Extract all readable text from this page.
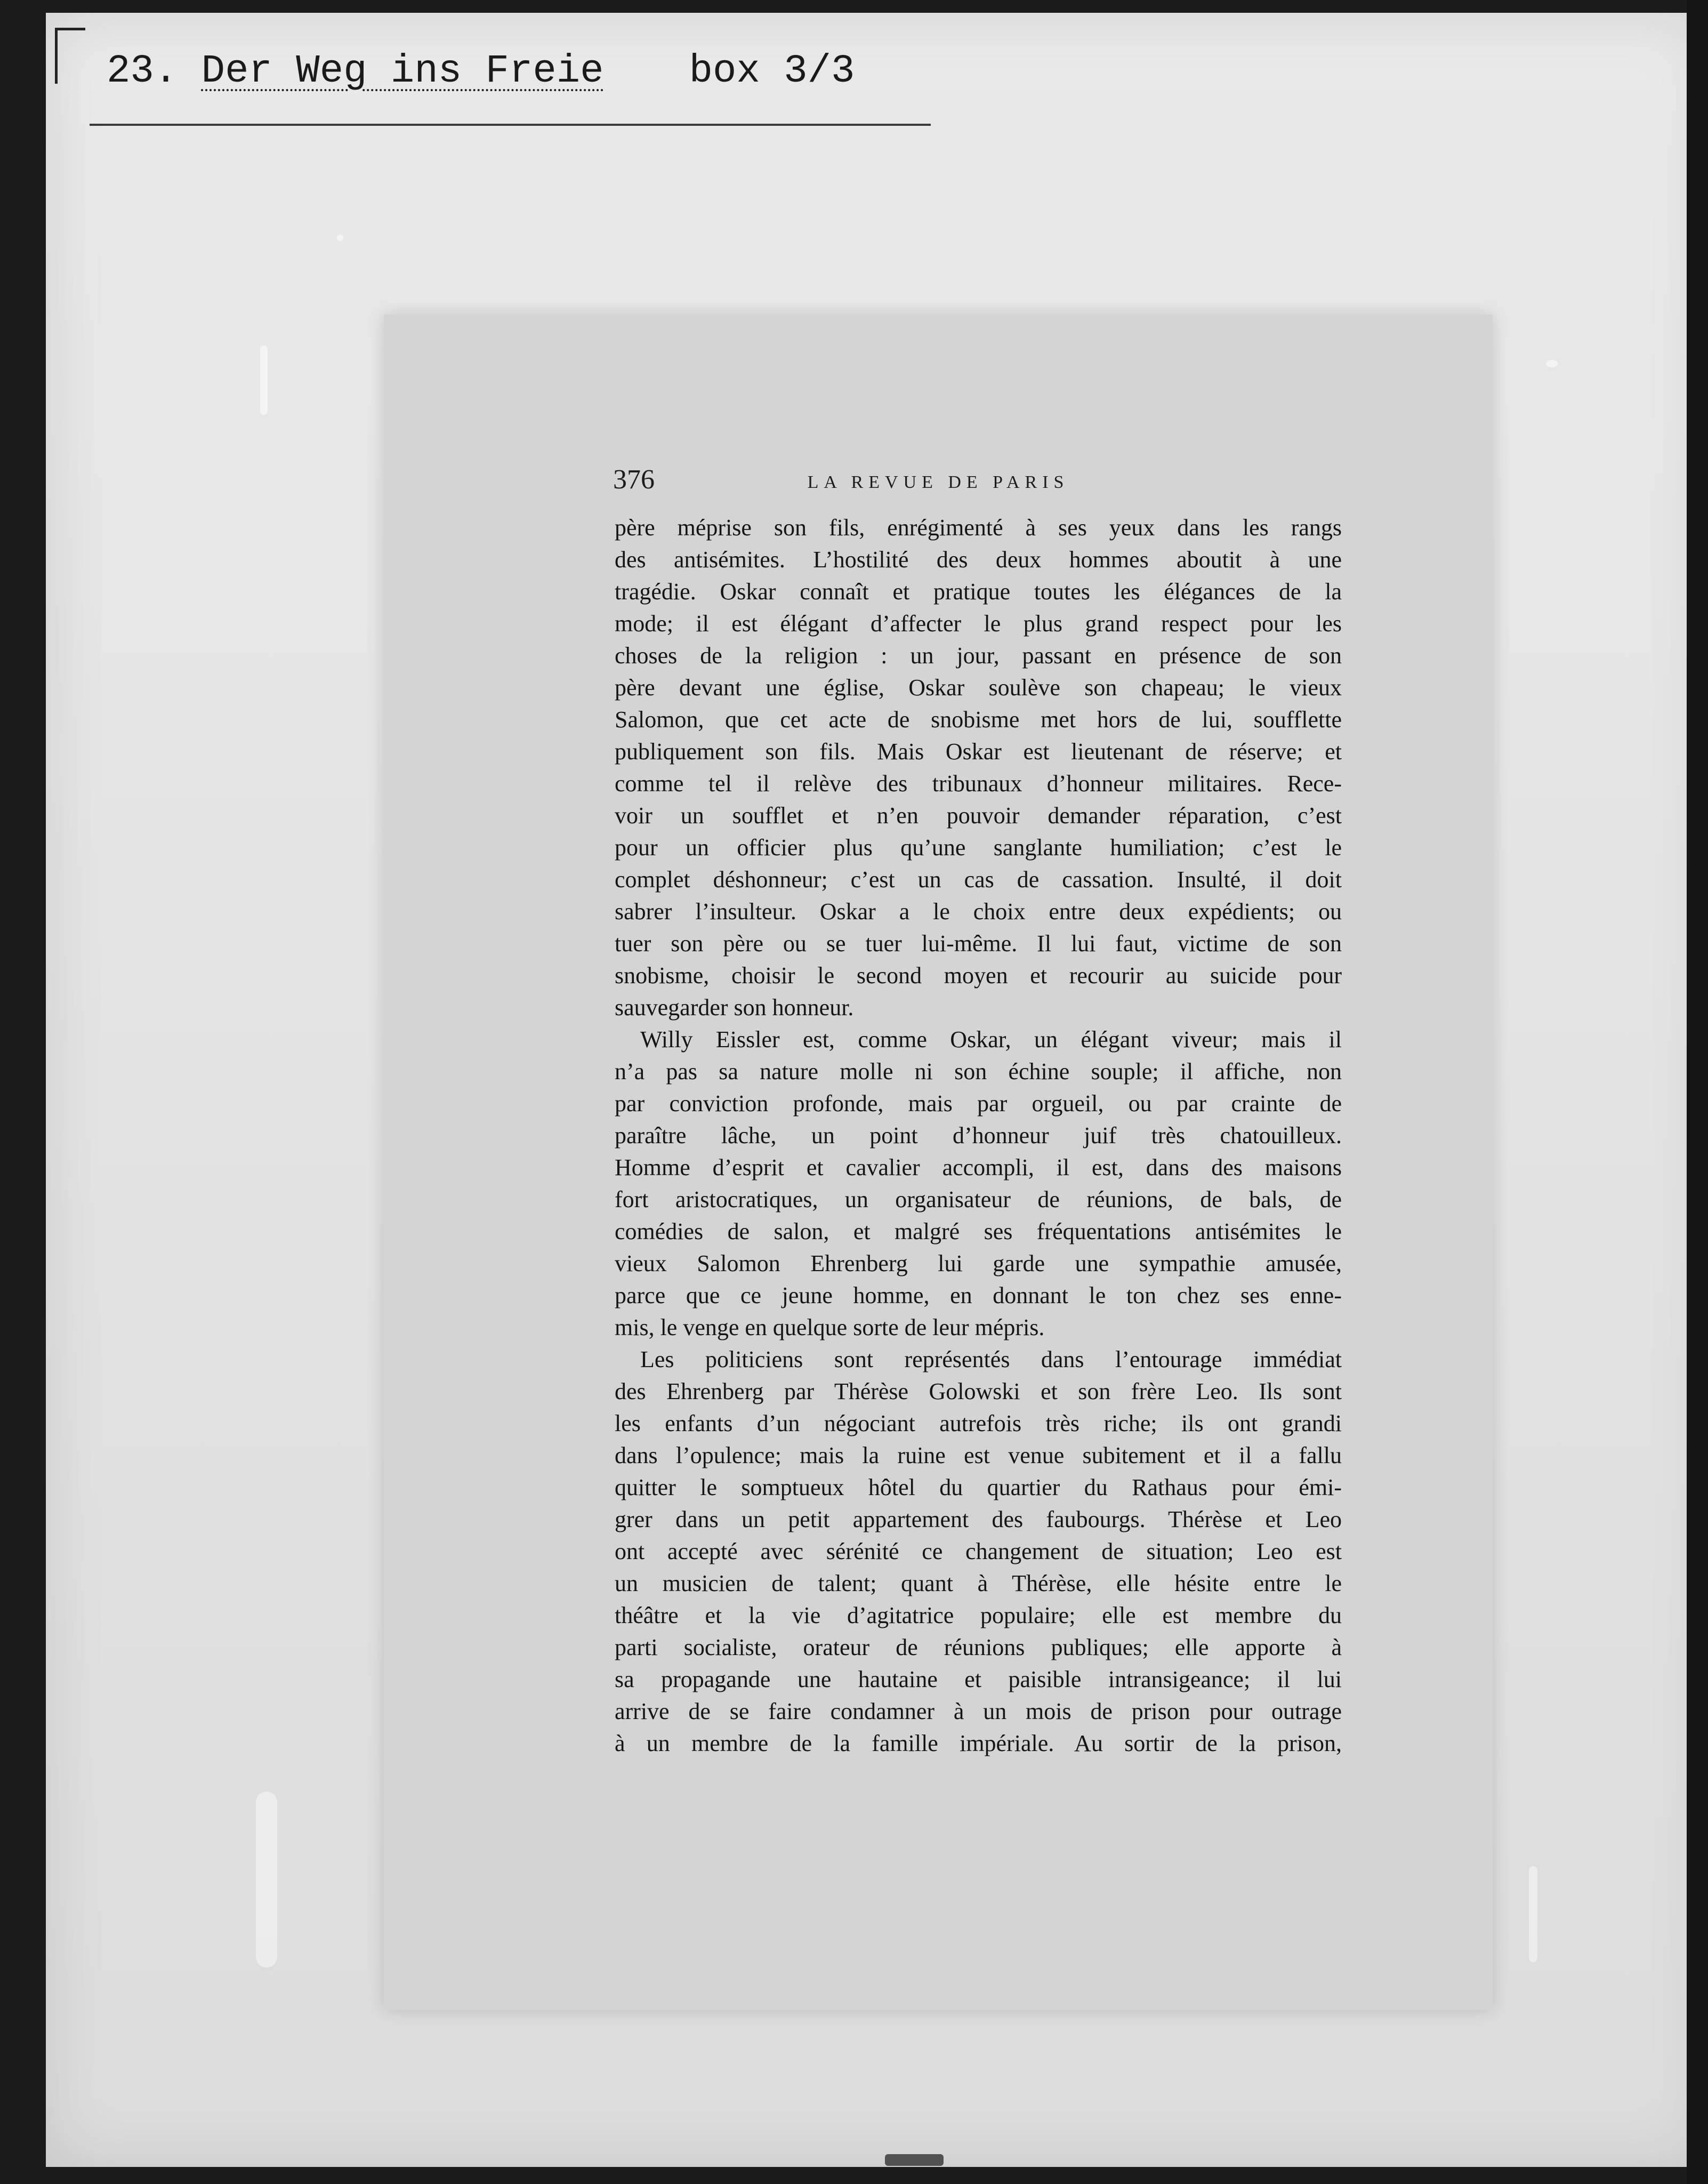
23. Der Weg ins Freie box 3/3
376	LA REVUE DE PARIS
père méprise son fils, enrégimenté à ses yeux dans les rangs
des antisémites. L’hostilité des deux hommes aboutit à une
tragédie. Oskar connaît et pratique toutes les élégances de la
mode; il est élégant d’affecter le plus grand respect pour les
choses de la religion : un jour, passant en présence de son
père devant une église, Oskar soulève son chapeau; le vieux
Salomon, que cet acte de snobisme met hors de lui, soufflette
publiquement son fils. Mais Oskar est lieutenant de réserve; et
comme tel il relève des tribunaux d’honneur militaires. Rece-
voir un soufflet et n’en pouvoir demander réparation, c’est
pour un officier plus qu’une sanglante humiliation; c’est le
complet déshonneur; c’est un cas de cassation. Insulté, il doit
sabrer l’insulteur. Oskar a le choix entre deux expédients; ou
tuer son père ou se tuer lui-même. Il lui faut, victime de son
snobisme, choisir le second moyen et recourir au suicide pour
sauvegarder son honneur.
Willy Eissler est, comme Oskar, un élégant viveur; mais il
n’a pas sa nature molle ni son échine souple; il affiche, non
par conviction profonde, mais par orgueil, ou par crainte de
paraître lâche, un point d’honneur juif très chatouilleux.
Homme d’esprit et cavalier accompli, il est, dans des maisons
fort aristocratiques, un organisateur de réunions, de bals, de
comédies de salon, et malgré ses fréquentations antisémites le
vieux Salomon Ehrenberg lui garde une sympathie amusée,
parce que ce jeune homme, en donnant le ton chez ses enne-
mis, le venge en quelque sorte de leur mépris.
Les politiciens sont représentés dans l’entourage immédiat
des Ehrenberg par Thérèse Golowski et son frère Leo. Ils sont
les enfants d’un négociant autrefois très riche; ils ont grandi
dans l’opulence; mais la ruine est venue subitement et il a fallu
quitter le somptueux hôtel du quartier du Rathaus pour émi-
grer dans un petit appartement des faubourgs. Thérèse et Leo
ont accepté avec sérénité ce changement de situation; Leo est
un musicien de talent; quant à Thérèse, elle hésite entre le
théâtre et la vie d’agitatrice populaire; elle est membre du
parti socialiste, orateur de réunions publiques; elle apporte à
sa propagande une hautaine et paisible intransigeance; il lui
arrive de se faire condamner à un mois de prison pour outrage
à un membre de la famille impériale. Au sortir de la prison,
